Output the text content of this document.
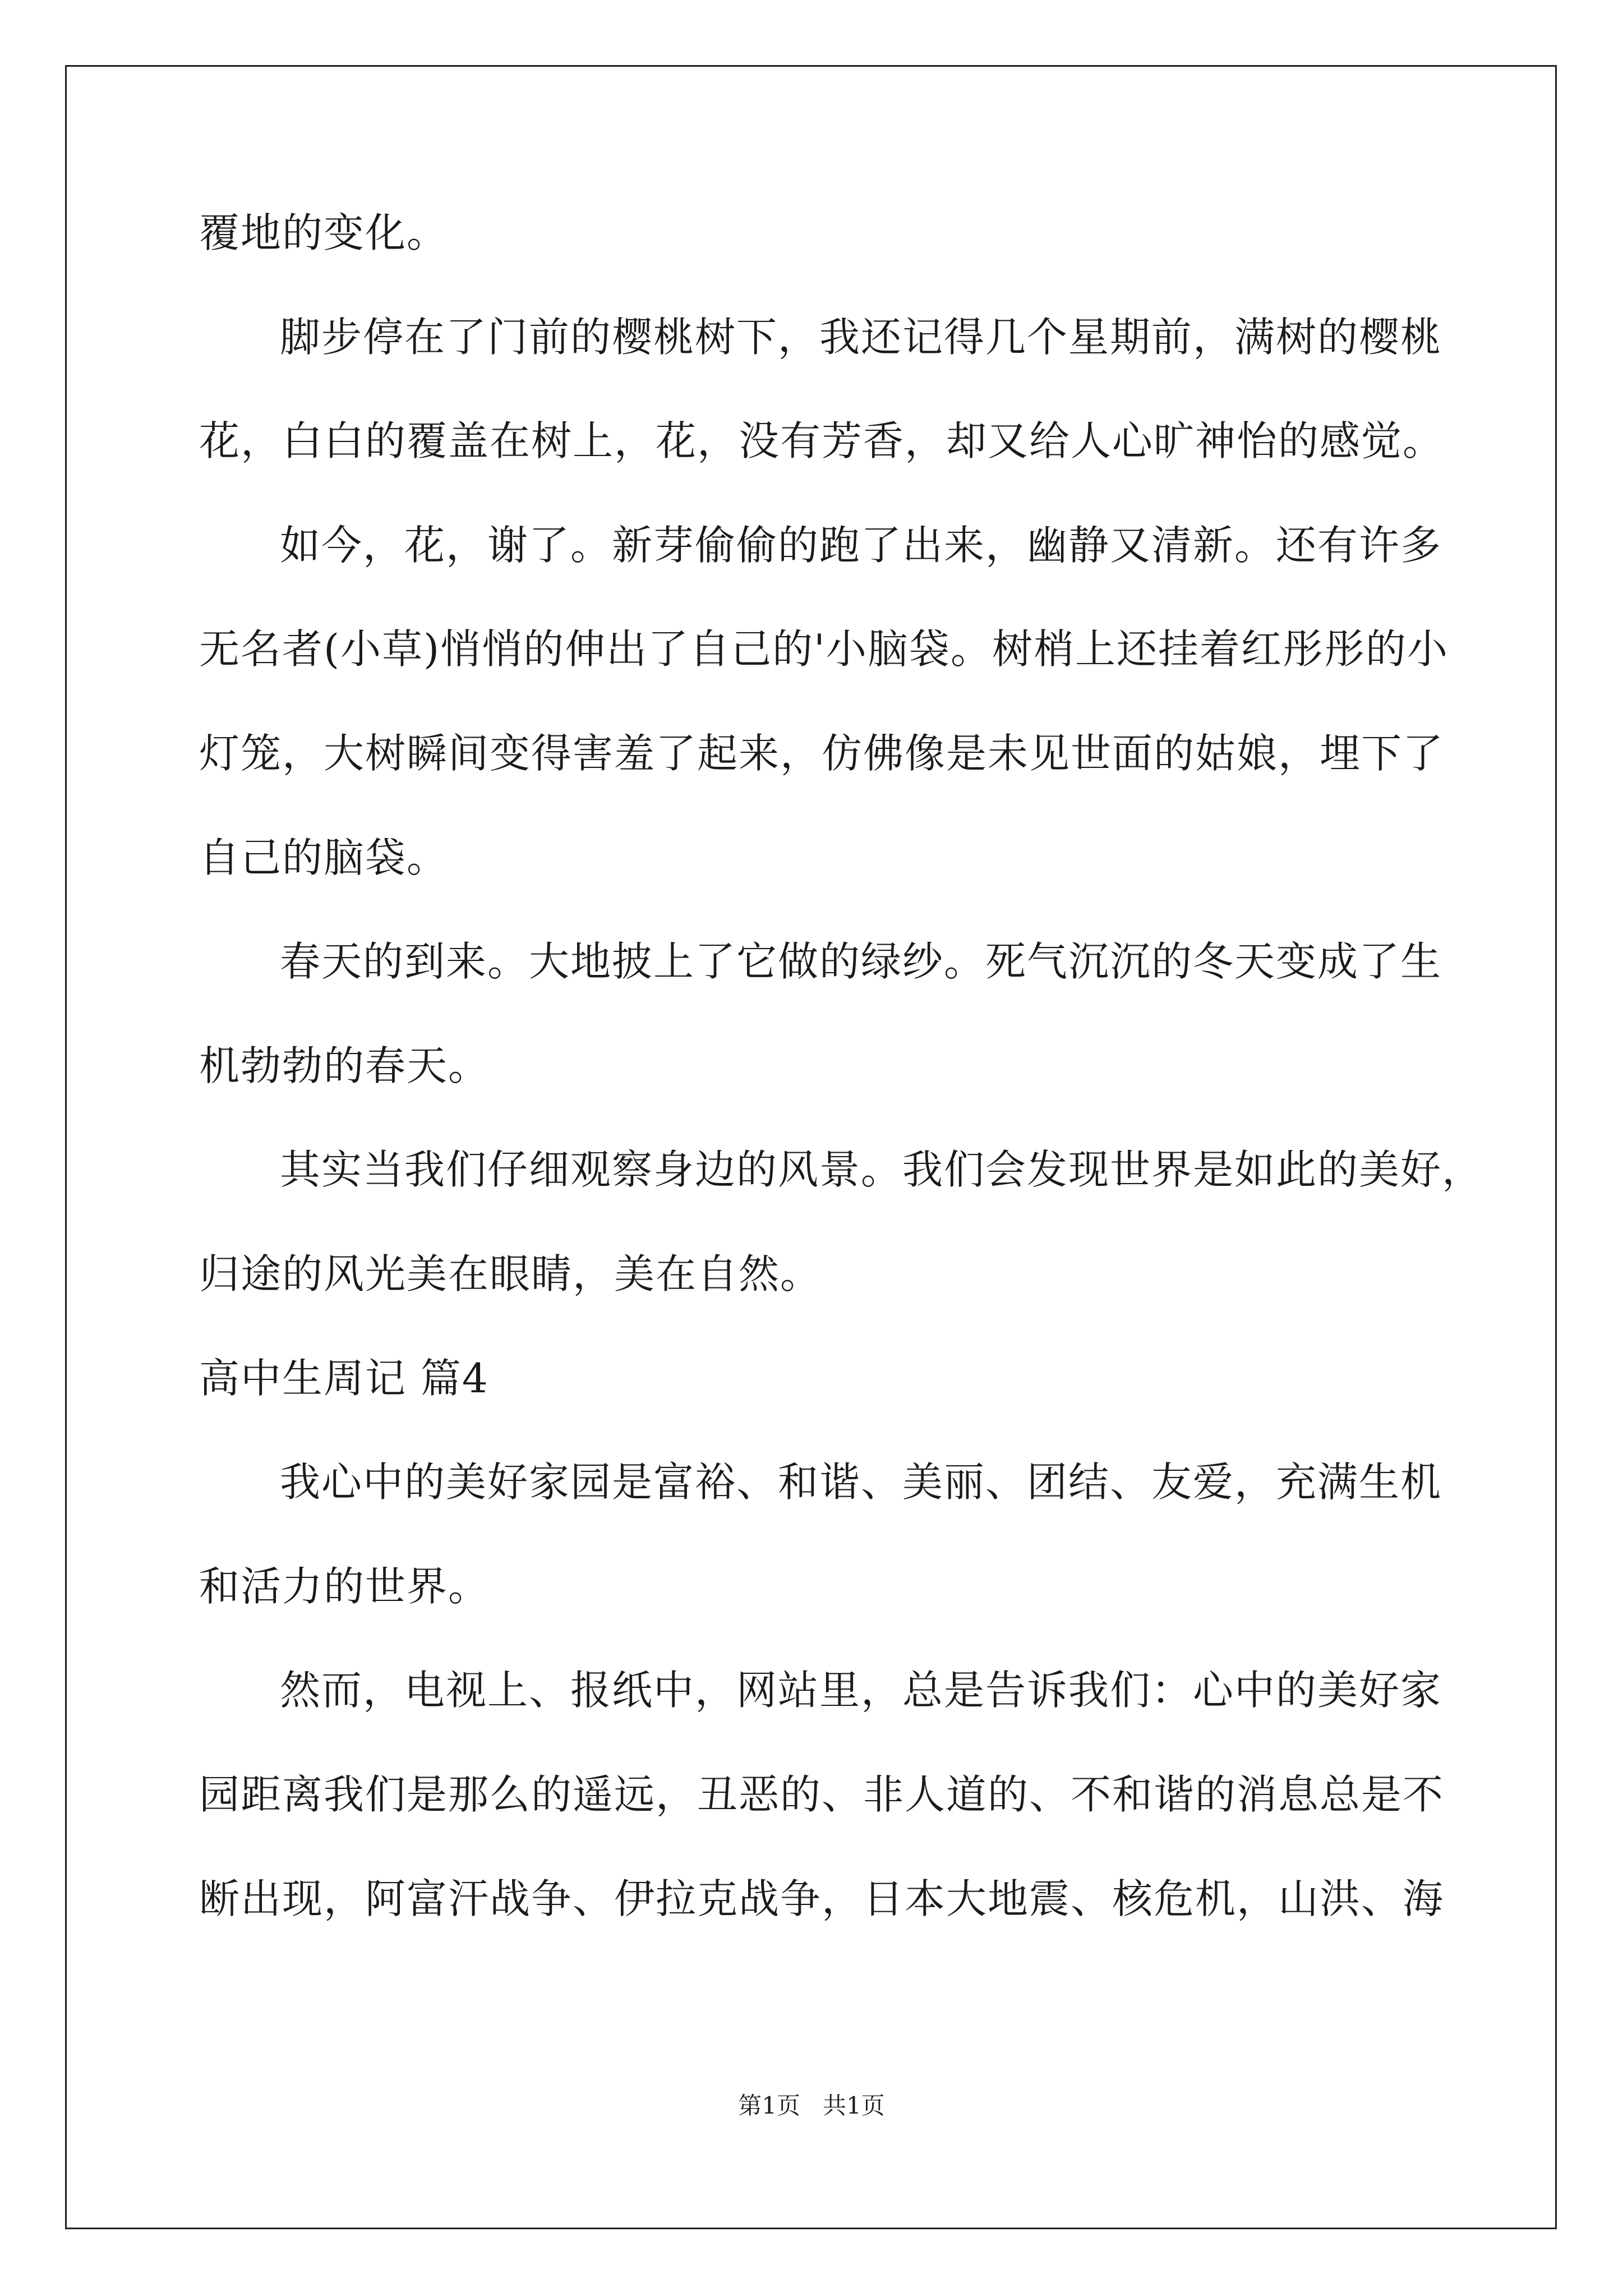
覆地的变化。
脚步停在了门前的樱桃树下，我还记得几个星期前，满树的樱桃
花，白白的覆盖在树上，花，没有芳香，却又给人心旷神怡的感觉。
如今，花，谢了。新芽偷偷的跑了出来，幽静又清新。还有许多
无名者(小草)悄悄的伸出了自己的'小脑袋。树梢上还挂着红彤彤的小
灯笼，大树瞬间变得害羞了起来，仿佛像是未见世面的姑娘，埋下了
自己的脑袋。
春天的到来。大地披上了它做的绿纱。死气沉沉的冬天变成了生
机勃勃的春天。
其实当我们仔细观察身边的风景。我们会发现世界是如此的美好，
归途的风光美在眼睛，美在自然。
高中生周记 篇4
我心中的美好家园是富裕、和谐、美丽、团结、友爱，充满生机
和活力的世界。
然而，电视上、报纸中，网站里，总是告诉我们：心中的美好家
园距离我们是那么的遥远，丑恶的、非人道的、不和谐的消息总是不
断出现，阿富汗战争、伊拉克战争，日本大地震、核危机，山洪、海
第1页 共1页
